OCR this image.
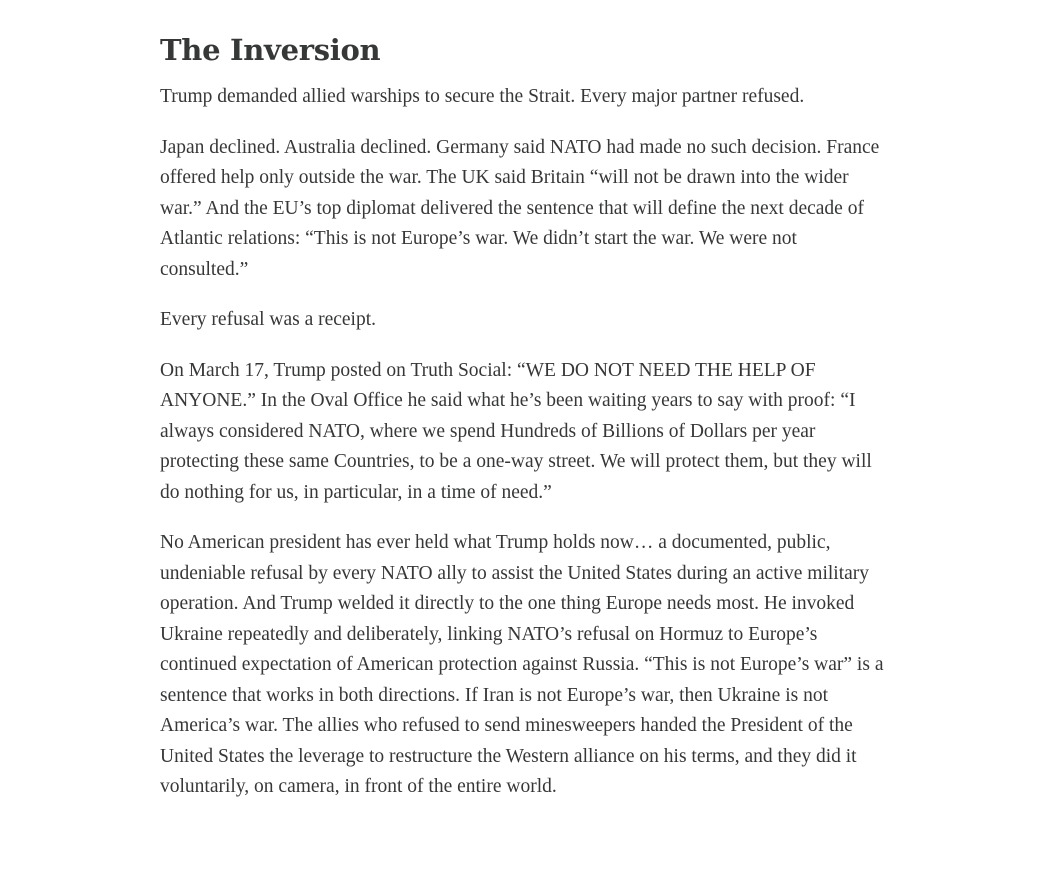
The Inversion

Trump demanded allied warships to secure the Strait. Every major partner refused.

Japan declined. Australia declined. Germany said NATO had made no such decision. France offered help only outside the war. The UK said Britain “will not be drawn into the wider war.” And the EU’s top diplomat delivered the sentence that will define the next decade of Atlantic relations: “This is not Europe’s war. We didn’t start the war. We were not consulted.”

Every refusal was a receipt.

On March 17, Trump posted on Truth Social: “WE DO NOT NEED THE HELP OF ANYONE.” In the Oval Office he said what he’s been waiting years to say with proof: “I always considered NATO, where we spend Hundreds of Billions of Dollars per year protecting these same Countries, to be a one-way street. We will protect them, but they will do nothing for us, in particular, in a time of need.”

No American president has ever held what Trump holds now… a documented, public, undeniable refusal by every NATO ally to assist the United States during an active military operation. And Trump welded it directly to the one thing Europe needs most. He invoked Ukraine repeatedly and deliberately, linking NATO’s refusal on Hormuz to Europe’s continued expectation of American protection against Russia. “This is not Europe’s war” is a sentence that works in both directions. If Iran is not Europe’s war, then Ukraine is not America’s war. The allies who refused to send minesweepers handed the President of the United States the leverage to restructure the Western alliance on his terms, and they did it voluntarily, on camera, in front of the entire world.
